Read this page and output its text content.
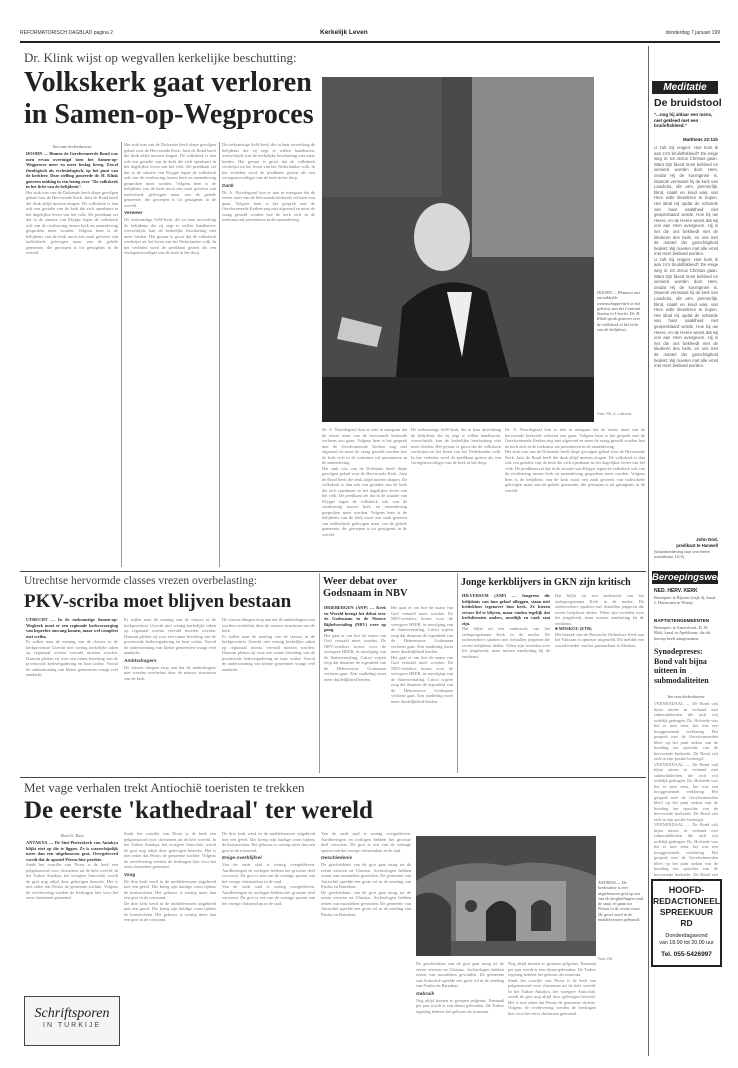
REFORMATORISCH DAGBLAD pagina 2	Kerkelijk Leven	donderdag 7 januari 199
Dr. Klink wijst op wegvallen kerkelijke beschutting:
Volkskerk gaat verloren
in Samen-op-Wegproces

Van onze kerkredacteur

DOORN — Binnen de Gereformeerde Bond was men ervan overtuigd toen het Samen-op-Wegproces meer en meer beslag kreeg. Zowel theologisch als ecclesiologisch, op het punt van de kerkleer. Deze stelling poneerde dr. H. Klink gisteren middag in een lezing over "De volkskerk in het licht van de belijdenis".

Het stuk was van de Doleantie heeft diepe gevolgen gehad voor de Hervormde Kerk. Juist de Bond heeft die druk altijd moeten dragen. De volkskerk is dan ook een gestalte van de kerk die zich openbaart in het dagelijkse leven van het volk. De predikant zei dat in de situatie van Klyppe tegen de volkskerk ook van de rivalisering tussen kerk en samenleving gesproken moet worden. Volgens hem is de belijdenis van de kerk nooit een zaak geweest van individuele gelovigen maar van de gehele gemeente, die geroepen is tot getuigenis in de wereld.

Het stuk was van de Doleantie heeft diepe gevolgen gehad voor de Hervormde Kerk. Juist de Bond heeft die druk altijd moeten dragen. De volkskerk is dan ook een gestalte van de kerk die zich openbaart in het dagelijkse leven van het volk. De predikant zei dat in de situatie van Klyppe tegen de volkskerk ook van de rivalisering tussen kerk en samenleving gesproken moet worden. Volgens hem is de belijdenis van de kerk nooit een zaak geweest van individuele gelovigen maar van de gehele gemeente, die geroepen is tot getuigenis in de wereld.

Verweer

De toekomstige SoW-kerk, die in haar uitwerking de belijdenis die zij zegt te willen handhaven, overschrijdt, kan de kerkelijke beschutting niet meer bieden. Het gevaar is groot dat de volkskerk verdwijnt uit het leven van het Nederlandse volk. In het verleden werd de predikant gezien als een vertegenwoordiger van de kerk in het dorp.

De toekomstige SoW-kerk, die in haar uitwerking de belijdenis die zij zegt te willen handhaven, overschrijdt, kan de kerkelijke beschutting niet meer bieden. Het gevaar is groot dat de volkskerk verdwijnt uit het leven van het Nederlandse volk. In het verleden werd de predikant gezien als een vertegenwoordiger van de kerk in het dorp.

Dank

Dr. A. Noordegraaf kon er niet in meegaan dat de eerste inzet van de hervormde kerkorde verloren zou gaan. Volgens hem is het gesprek met de Gereformeerde Kerken nog niet afgerond en moet de vraag gesteld worden hoe de kerk zich in de toekomst zal presenteren in de samenleving.

DOORN — Plaatsen met ontwikkelde wetenschapperijen in het gebouw van het Centraal Station in Utrecht. Dr. H. Klink sprak gisteren over de volkskerk in het licht van de belijdenis.
Foto: RD, A. Lokhorst

Dr. A. Noordegraaf kon er niet in meegaan dat de eerste inzet van de hervormde kerkorde verloren zou gaan. Volgens hem is het gesprek met de Gereformeerde Kerken nog niet afgerond en moet de vraag gesteld worden hoe de kerk zich in de toekomst zal presenteren in de samenleving.

Het stuk was van de Doleantie heeft diepe gevolgen gehad voor de Hervormde Kerk. Juist de Bond heeft die druk altijd moeten dragen. De volkskerk is dan ook een gestalte van de kerk die zich openbaart in het dagelijkse leven van het volk. De predikant zei dat in de situatie van Klyppe tegen de volkskerk ook van de rivalisering tussen kerk en samenleving gesproken moet worden. Volgens hem is de belijdenis van de kerk nooit een zaak geweest van individuele gelovigen maar van de gehele gemeente, die geroepen is tot getuigenis in de wereld.

De toekomstige SoW-kerk, die in haar uitwerking de belijdenis die zij zegt te willen handhaven, overschrijdt, kan de kerkelijke beschutting niet meer bieden. Het gevaar is groot dat de volkskerk verdwijnt uit het leven van het Nederlandse volk. In het verleden werd de predikant gezien als een vertegenwoordiger van de kerk in het dorp.

Dr. A. Noordegraaf kon er niet in meegaan dat de eerste inzet van de hervormde kerkorde verloren zou gaan. Volgens hem is het gesprek met de Gereformeerde Kerken nog niet afgerond en moet de vraag gesteld worden hoe de kerk zich in de toekomst zal presenteren in de samenleving.

Het stuk was van de Doleantie heeft diepe gevolgen gehad voor de Hervormde Kerk. Juist de Bond heeft die druk altijd moeten dragen. De volkskerk is dan ook een gestalte van de kerk die zich openbaart in het dagelijkse leven van het volk. De predikant zei dat in de situatie van Klyppe tegen de volkskerk ook van de rivalisering tussen kerk en samenleving gesproken moet worden. Volgens hem is de belijdenis van de kerk nooit een zaak geweest van individuele gelovigen maar van de gehele gemeente, die geroepen is tot getuigenis in de wereld.

Meditatie
De bruidstool
"...nog hij aldaar een mens, niet gekleed met een bruiloftskleed."
Mattheüs 22:11b

U zult mij vragen: Hoe kom ik aan zo'n bruiloftskleed? De enige weg is: tot Jezus Christus gaan. Want Zijn bloed moet bekleed en versierd worden door Hem, omdat Hij de koninginne is. Daarom vermaant hij de kerk van Laodicéa, die arm, jammerlijk, blind, naakt en koud was, van Hem witte kleederen te kopen. Het ideal Hij opdat de schande van haar naaktheid niet geopenbaard worde. Hoe bij uw Heere, en de Heere wenst dat wij ons aan Hem overgeven. Hij is het die ons bekleedt met de klederen des heils, en ons met de mantel der gerechtigheid bedekt. Wij moeten met alle ernst met Hem bekleed worden.

U zult mij vragen: Hoe kom ik aan zo'n bruiloftskleed? De enige weg is: tot Jezus Christus gaan. Want Zijn bloed moet bekleed en versierd worden door Hem, omdat Hij de koninginne is. Daarom vermaant hij de kerk van Laodicéa, die arm, jammerlijk, blind, naakt en koud was, van Hem witte kleederen te kopen. Het ideal Hij opdat de schande van haar naaktheid niet geopenbaard worde. Hoe bij uw Heere, en de Heere wenst dat wij ons aan Hem overgeven. Hij is het die ons bekleedt met de klederen des heils, en ons met de mantel der gerechtigheid bedekt. Wij moeten met alle ernst met Hem bekleed worden.

John Dod,
predikant te Hanwell
(Woordbediening voor ons Heere woordkraal, 1674)
Beroepingswerk
NED. HERV. KERK
Beroepen: te Rijssen (wijk 4), kand. J. Hofstraten te Woerp.
BAPTISTENGEMEENTEN
Beroepen: te Amersfoort, D. W. Blok, kand. te Apeldoorn, die dit beroep heeft aangenomen.
Synodepreses: Bond valt bijna uitteen in submodaliteiten
Van onze kerkredacteur

VEENENDAAL — De Bond valt bijna uiteen in verband met submodaliteiten die zich vrij ordelijk gedragen. Ds. Hofstede was het er mee eens, het was een hooggestemde verklaring. Het gesprek met de Gereformeerden bleef op het punt steken van de houding ten opzichte van de hervormde kerkorde. De Bond ziet zich in zijn positie bedreigd.

VEENENDAAL — De Bond valt bijna uiteen in verband met submodaliteiten die zich vrij ordelijk gedragen. Ds. Hofstede was het er mee eens, het was een hooggestemde verklaring. Het gesprek met de Gereformeerden bleef op het punt steken van de houding ten opzichte van de hervormde kerkorde. De Bond ziet zich in zijn positie bedreigd.

VEENENDAAL — De Bond valt bijna uiteen in verband met submodaliteiten die zich vrij ordelijk gedragen. Ds. Hofstede was het er mee eens, het was een hooggestemde verklaring. Het gesprek met de Gereformeerden bleef op het punt steken van de houding ten opzichte van de hervormde kerkorde. De Bond ziet zich in zijn positie bedreigd.

HOOFD-
REDACTIONEEL
SPREEKUUR RD
Donderdagavond
van 18.00 tot 20.00 uur
Tel. 055-5426997
Utrechtse hervormde classes vrezen overbelasting:
PKV-scriba moet blijven bestaan

UTRECHT — In de toekomstige Samen-op-Wegkerk moet er een regionale kerkverzorging van beperkte omvang komen, maar wel compleet met scriba.

Er zullen naar de mening van de classes in de kerkprovincie Utrecht niet weinig kerkelijke taken op regionaal niveau vervuld moeten worden. Daarom pleiten zij voor een ruime bezetting van de provinciale kerkvergadering en haar scriba. Vooral de ondersteuning van kleine gemeenten vraagt veel aandacht.

Er zullen naar de mening van de classes in de kerkprovincie Utrecht niet weinig kerkelijke taken op regionaal niveau vervuld moeten worden. Daarom pleiten zij voor een ruime bezetting van de provinciale kerkvergadering en haar scriba. Vooral de ondersteuning van kleine gemeenten vraagt veel aandacht.

Ambtsdragers

De classes dringen erop aan dat de ambtsdragers niet worden overbelast door de nieuwe structuren van de kerk.

De classes dringen erop aan dat de ambtsdragers niet worden overbelast door de nieuwe structuren van de kerk.

Er zullen naar de mening van de classes in de kerkprovincie Utrecht niet weinig kerkelijke taken op regionaal niveau vervuld moeten worden. Daarom pleiten zij voor een ruime bezetting van de provinciale kerkvergadering en haar scriba. Vooral de ondersteuning van kleine gemeenten vraagt veel aandacht.

Weer debat over Godsnaam in NBV

DRIEBERGEN (ANP) — Kerk en Wereld brengt het debat over de Godsnaam in de Nieuwe Bijbelvertaling (NBV) weer op gang.

Het gaat er om hoe de naam van God vertaald moet worden. De NBV-vertalers kozen voor de weergave HEER, in navolging van de Statenvertaling. Critici wijzen erop dat daarmee de eigenheid van de Hebreeuwse Godsnaam verloren gaat. Een studiedag moet meer duidelijkheid bieden.

Het gaat er om hoe de naam van God vertaald moet worden. De NBV-vertalers kozen voor de weergave HEER, in navolging van de Statenvertaling. Critici wijzen erop dat daarmee de eigenheid van de Hebreeuwse Godsnaam verloren gaat. Een studiedag moet meer duidelijkheid bieden.

Het gaat er om hoe de naam van God vertaald moet worden. De NBV-vertalers kozen voor de weergave HEER, in navolging van de Statenvertaling. Critici wijzen erop dat daarmee de eigenheid van de Hebreeuwse Godsnaam verloren gaat. Een studiedag moet meer duidelijkheid bieden.

Jonge kerkblijvers in GKN zijn kritisch

HILVERSUM (ANP) — Jongeren die belijdenis van hun geloof afleggen, staan niet kritiekloos tegenover hun kerk. Ze kiezen ervoor lid te blijven, maar vinden tegelijk dat kerkdiensten anders, moeilijk en vaak saai zijn.

Dat blijkt uit een onderzoek van het radioprogramma Kerk in de media. De onderzoekers spraken met tientallen jongeren die recent belijdenis deden. Velen zijn tevreden over het jeugdwerk, maar missen aansluiting bij de eredienst.

Dat blijkt uit een onderzoek van het radioprogramma Kerk in de media. De onderzoekers spraken met tientallen jongeren die recent belijdenis deden. Velen zijn tevreden over het jeugdwerk, maar missen aansluiting bij de eredienst.

■ MOSKOU (ETB)

Het bezoek van de Russische Orthodoxe Kerk aan het Vaticaan is opnieuw uitgesteld. Dit meldde een woordvoerder van het patriarchaat in Moskou.

Met vage verhalen trekt Antiochië toeristen te trekken
De eerste 'kathedraal' ter wereld

Door G. Ross

ANTAKYA — De Sint-Pieterskerk van Antakya blijkt niet op die te liggen. Ze is waarschijnlijk meer dan een uitgehouwen grot. Overgeleverd wordt dat de apostel Petrus hier preekte.

Sinds het concilie van Nicea is de kerk een pelgrimsoord voor christenen uit de hele wereld. In het Turkse Antakya, het vroegere Antiochië, wordt de grot nog altijd door gelovigen bezocht. Het is niet zeker dat Petrus de gemeente stichtte. Volgens de overlevering werden de leerlingen hier voor het eerst christenen genoemd.

Schriftsporen
IN TURKIJE

Sinds het concilie van Nicea is de kerk een pelgrimsoord voor christenen uit de hele wereld. In het Turkse Antakya, het vroegere Antiochië, wordt de grot nog altijd door gelovigen bezocht. Het is niet zeker dat Petrus de gemeente stichtte. Volgens de overlevering werden de leerlingen hier voor het eerst christenen genoemd.

Vaag

De drie kerk werd in de middeleeuwen uitgebreid met een gevel. Die kreeg zijn huidige vorm tijdens de kruistochten. Het gebouw is weinig meer dan een grot in de rotswand.

De drie kerk werd in de middeleeuwen uitgebreid met een gevel. Die kreeg zijn huidige vorm tijdens de kruistochten. Het gebouw is weinig meer dan een grot in de rotswand.

De drie kerk werd in de middeleeuwen uitgebreid met een gevel. Die kreeg zijn huidige vorm tijdens de kruistochten. Het gebouw is weinig meer dan een grot in de rotswand.

Enige overblijfsel

Van de oude stad is weinig overgebleven. Aardbevingen en oorlogen hebben het grootste deel verwoest. De grot is een van de weinige sporen van het vroege christendom in de stad.

Van de oude stad is weinig overgebleven. Aardbevingen en oorlogen hebben het grootste deel verwoest. De grot is een van de weinige sporen van het vroege christendom in de stad.

Van de oude stad is weinig overgebleven. Aardbevingen en oorlogen hebben het grootste deel verwoest. De grot is een van de weinige sporen van het vroege christendom in de stad.

Geschiedenis

De geschiedenis van de grot gaat terug tot de eerste eeuwen na Christus. Archeologen hebben resten van mozaïeken gevonden. De gemeente van Antiochië speelde een grote rol in de zending van Paulus en Barnabas.

De geschiedenis van de grot gaat terug tot de eerste eeuwen na Christus. Archeologen hebben resten van mozaïeken gevonden. De gemeente van Antiochië speelde een grote rol in de zending van Paulus en Barnabas.

ANTAKYA — De kerkruimte is een uitgehouwen grot op een van de berghellingen rond de stad, en gaan tot Petrus in de eerste eeuw. De gevel werd in de middeleeuwen gebouwd.
Foto: RD

De geschiedenis van de grot gaat terug tot de eerste eeuwen na Christus. Archeologen hebben resten van mozaïeken gevonden. De gemeente van Antiochië speelde een grote rol in de zending van Paulus en Barnabas.

Gebruik

Nog altijd komen er groepen pelgrims. Eenmaal per jaar wordt er een dienst gehouden. De Turkse regering beheert het gebouw als museum.

Nog altijd komen er groepen pelgrims. Eenmaal per jaar wordt er een dienst gehouden. De Turkse regering beheert het gebouw als museum.

Sinds het concilie van Nicea is de kerk een pelgrimsoord voor christenen uit de hele wereld. In het Turkse Antakya, het vroegere Antiochië, wordt de grot nog altijd door gelovigen bezocht. Het is niet zeker dat Petrus de gemeente stichtte. Volgens de overlevering werden de leerlingen hier voor het eerst christenen genoemd.
